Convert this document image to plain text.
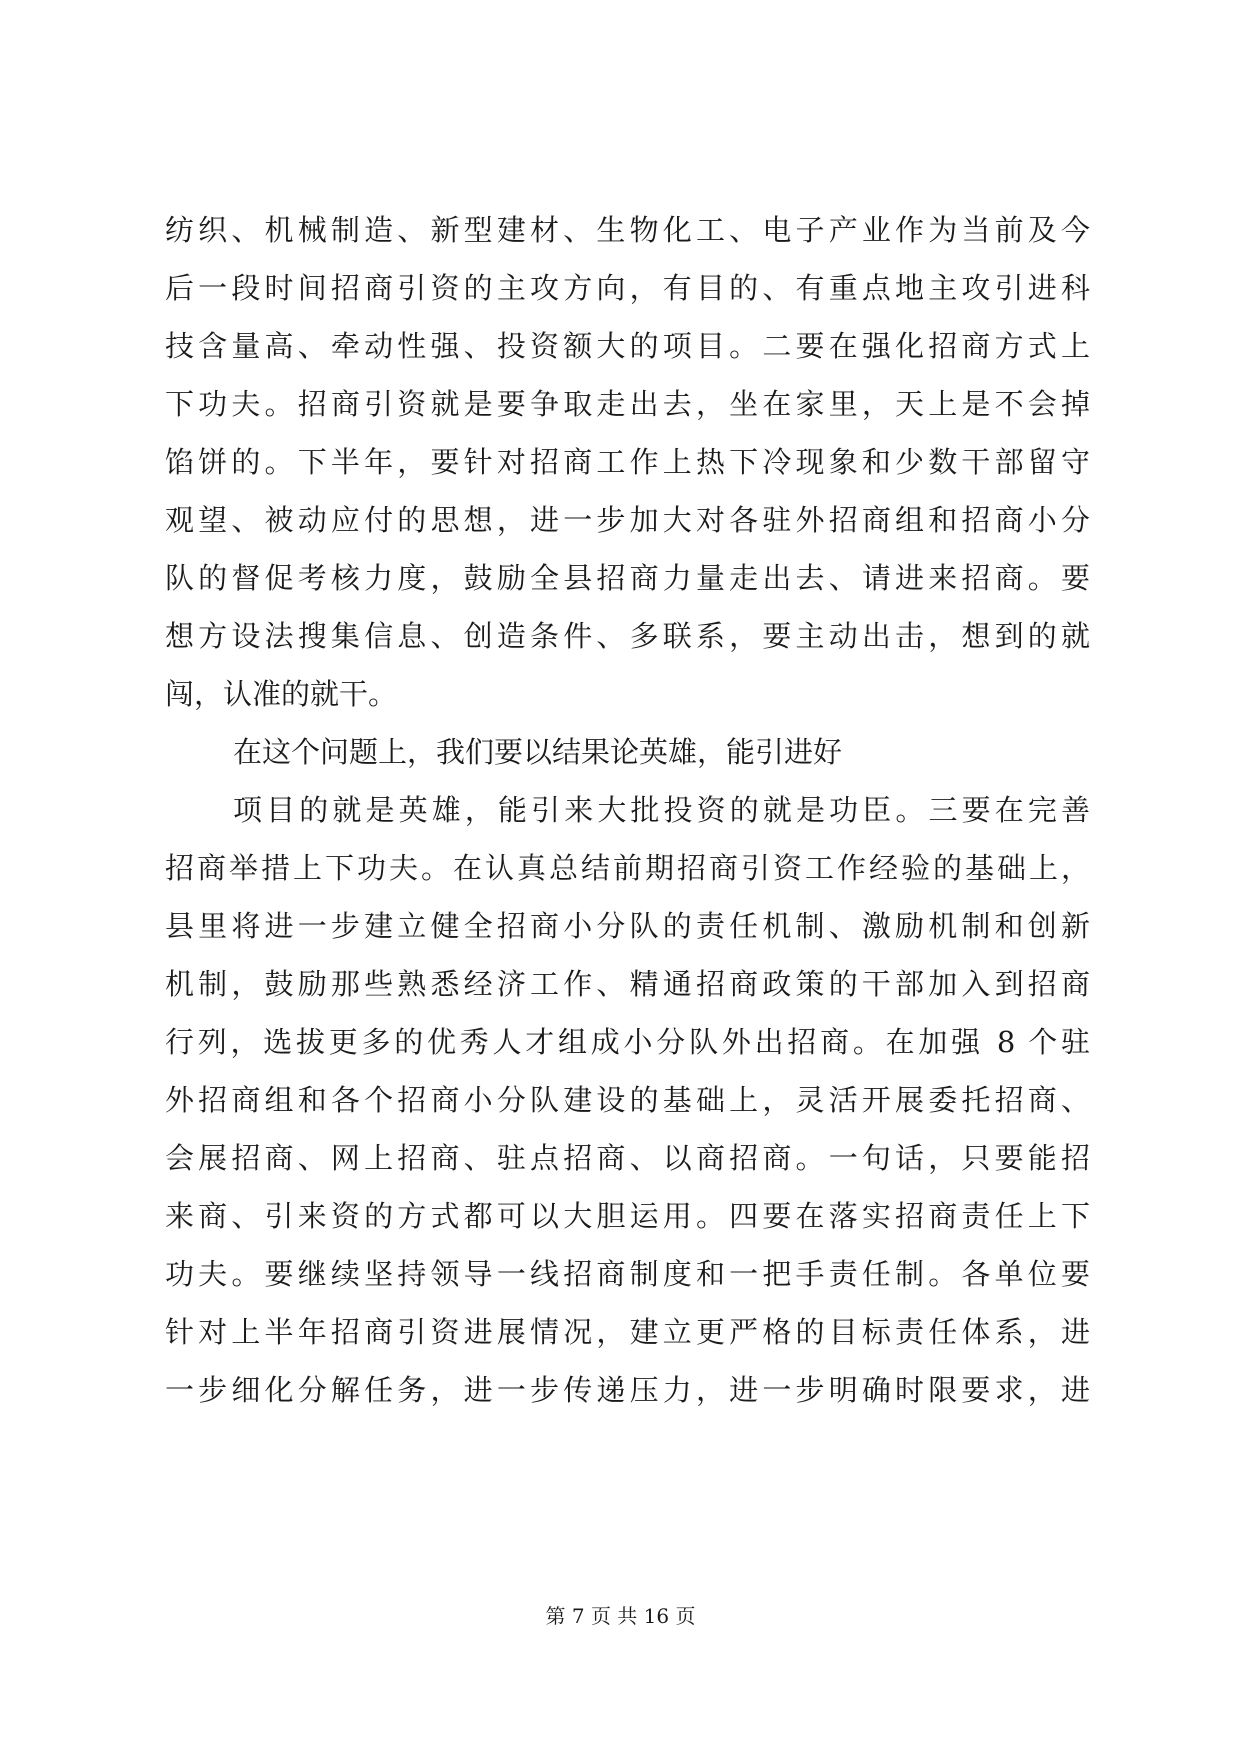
纺织、机械制造、新型建材、生物化工、电子产业作为当前及今
后一段时间招商引资的主攻方向，有目的、有重点地主攻引进科
技含量高、牵动性强、投资额大的项目。二要在强化招商方式上
下功夫。招商引资就是要争取走出去，坐在家里，天上是不会掉
馅饼的。下半年，要针对招商工作上热下冷现象和少数干部留守
观望、被动应付的思想，进一步加大对各驻外招商组和招商小分
队的督促考核力度，鼓励全县招商力量走出去、请进来招商。要
想方设法搜集信息、创造条件、多联系，要主动出击，想到的就
闯，认准的就干。
在这个问题上，我们要以结果论英雄，能引进好
项目的就是英雄，能引来大批投资的就是功臣。三要在完善
招商举措上下功夫。在认真总结前期招商引资工作经验的基础上，
县里将进一步建立健全招商小分队的责任机制、激励机制和创新
机制，鼓励那些熟悉经济工作、精通招商政策的干部加入到招商
行列，选拔更多的优秀人才组成小分队外出招商。在加强 8 个驻
外招商组和各个招商小分队建设的基础上，灵活开展委托招商、
会展招商、网上招商、驻点招商、以商招商。一句话，只要能招
来商、引来资的方式都可以大胆运用。四要在落实招商责任上下
功夫。要继续坚持领导一线招商制度和一把手责任制。各单位要
针对上半年招商引资进展情况，建立更严格的目标责任体系，进
一步细化分解任务，进一步传递压力，进一步明确时限要求，进
第 7 页 共 16 页
